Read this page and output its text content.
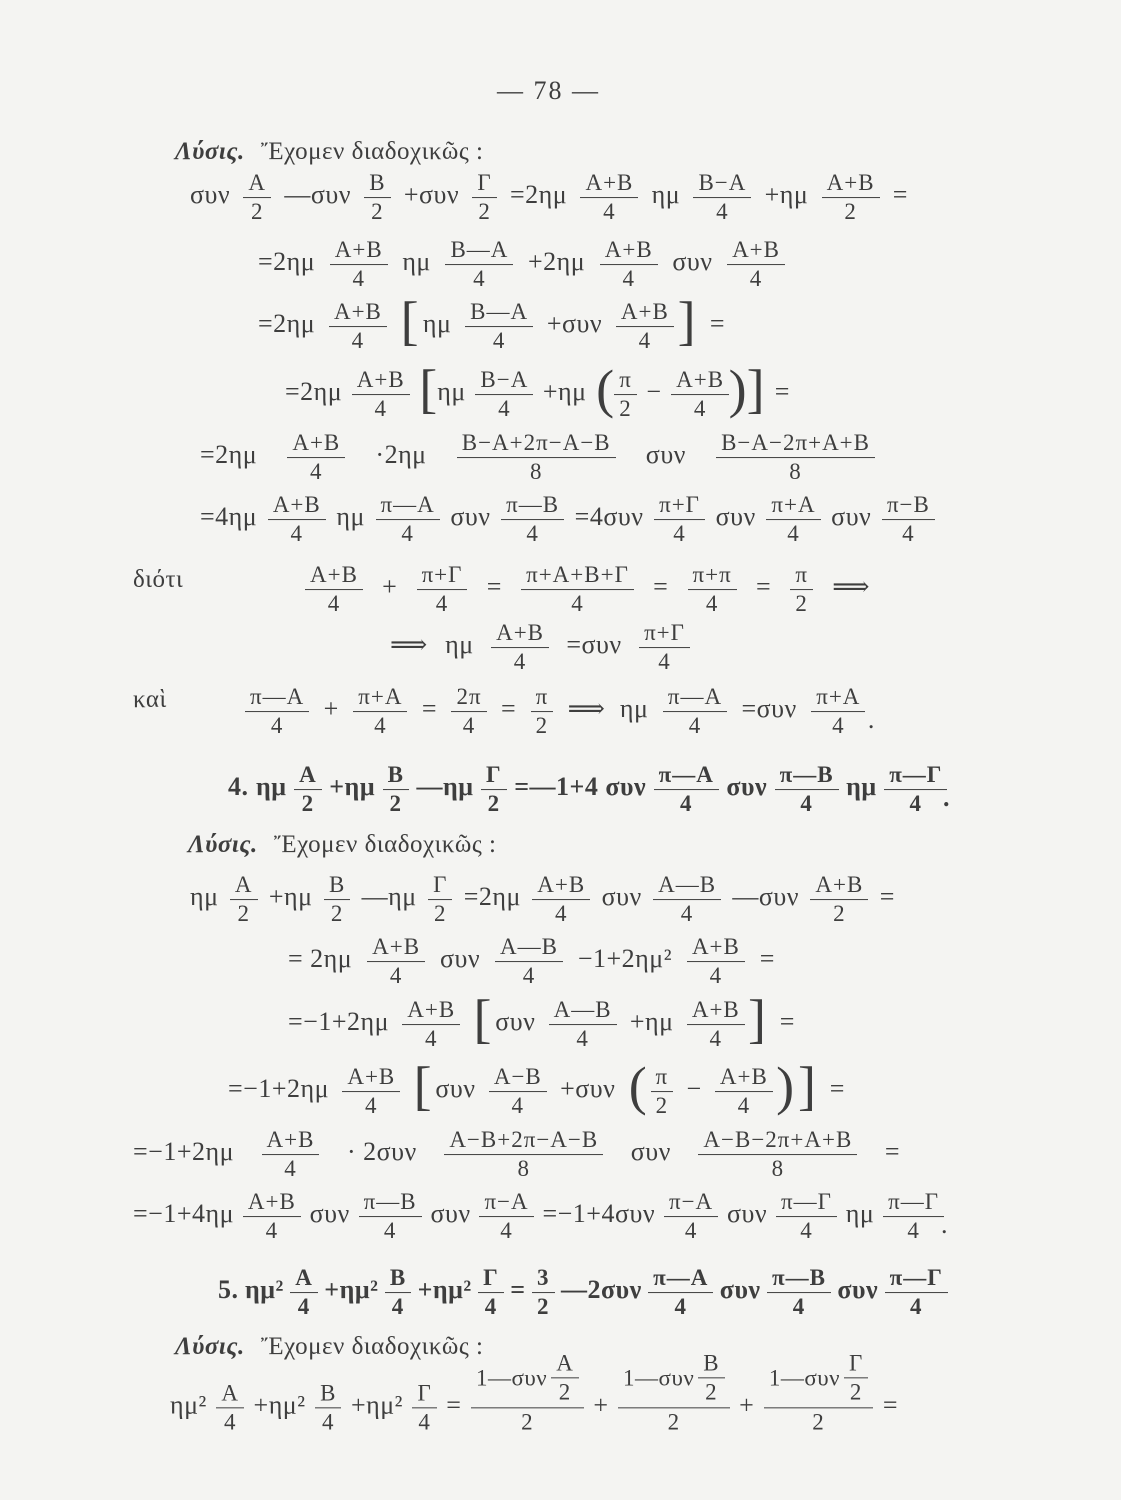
— 78 —
Λύσις. Ἔχομεν διαδοχικῶς :
συν $\frac{A}{2}$ —συν $\frac{B}{2} +\sigma\upsilon\nu \frac{\Gamma}{2} =2\eta\mu \frac{A+B}{4}$ ημ $\frac{B-A}{4} +\eta\mu \frac{A+B}{2}$ =
$=2\eta\mu \frac{A+B}{4}$ ημ $\frac{B—A}{4} +2\eta\mu \frac{A+B}{4}$ συν $\frac{A+B}{4}$
$=2\eta\mu \frac{A+B}{4}$ [ ημ $\frac{B—A}{4} +\sigma\upsilon\nu \frac{A+B}{4}$ ] =
$=2\eta\mu \frac{A+B}{4}$ [ ημ $\frac{B-A}{4} +\eta\mu$ ( $\frac{\pi}{2} - \frac{A+B}{4}$ ) ] =
$=2\eta\mu \frac{A+B}{4} \cdot 2\eta\mu \frac{B-A+2\pi-A-B}{8}$ συν $\frac{B-A-2\pi+A+B}{8}$
$=4\eta\mu \frac{A+B}{4}$ ημ $\frac{\pi—A}{4}$ συν $\frac{\pi—B}{4} =4\sigma\upsilon\nu \frac{\pi+\Gamma}{4}$ συν $\frac{\pi+A}{4}$ συν $\frac{\pi-B}{4}$
διότι	$\frac{A+B}{4} + \frac{\pi+\Gamma}{4} = \frac{\pi+A+B+\Gamma}{4} = \frac{\pi+\pi}{4} = \frac{\pi}{2}$ ⟹
⟹ ημ $\frac{A+B}{4} =\sigma\upsilon\nu \frac{\pi+\Gamma}{4}$
καὶ	$\frac{\pi—A}{4} + \frac{\pi+A}{4} = \frac{2\pi}{4} = \frac{\pi}{2}$ ⟹ ημ $\frac{\pi—A}{4} =\sigma\upsilon\nu \frac{\pi+A}{4}$ .
4. ημ $\frac{A}{2} +\eta\mu \frac{B}{2}$ —ημ $\frac{\Gamma}{2}$ =—1+4 συν $\frac{\pi—A}{4}$ συν $\frac{\pi—B}{4}$ ημ $\frac{\pi—\Gamma}{4}$
.
Λύσις. Ἔχομεν διαδοχικῶς :
ημ $\frac{A}{2} +\eta\mu \frac{B}{2}$ —ημ $\frac{\Gamma}{2} =2\eta\mu \frac{A+B}{4}$ συν $\frac{A—B}{4}$ —συν $\frac{A+B}{2}$ =
= $2\eta\mu \frac{A+B}{4}$ συν $\frac{A—B}{4} -1+2\eta\mu^2 \frac{A+B}{4}$ =
$=-1+2\eta\mu \frac{A+B}{4}$ [ συν $\frac{A—B}{4} +\eta\mu \frac{A+B}{4}$ ] =
$=-1+2\eta\mu \frac{A+B}{4}$ [ συν $\frac{A-B}{4} +\sigma\upsilon\nu$ ( $\frac{\pi}{2} - \frac{A+B}{4}$ ) ] =
$=-1+2\eta\mu \frac{A+B}{4} \cdot 2\sigma\upsilon\nu \frac{A-B+2\pi-A-B}{8}$ συν $\frac{A-B-2\pi+A+B}{8}$ =
$=-1+4\eta\mu \frac{A+B}{4}$ συν $\frac{\pi—B}{4}$ συν $\frac{\pi-A}{4} =-1+4\sigma\upsilon\nu \frac{\pi-A}{4}$ συν $\frac{\pi—\Gamma}{4}$ ημ $\frac{\pi—\Gamma}{4}$
.
5. $\eta\mu^2 \frac{A}{4} +\eta\mu^2 \frac{B}{4} +\eta\mu^2 \frac{\Gamma}{4} = \frac{3}{2}$ —2συν $\frac{\pi—A}{4}$ συν $\frac{\pi—B}{4}$ συν $\frac{\pi—\Gamma}{4}$
Λύσις. Ἔχομεν διαδοχικῶς :
$\eta\mu^2 \frac{A}{4} +\eta\mu^2 \frac{B}{4} +\eta\mu^2 \frac{\Gamma}{4} = \frac{1—\sigma\upsilon\nu \frac{A}{2}}{2} + \frac{1—\sigma\upsilon\nu \frac{B}{2}}{2} + \frac{1—\sigma\upsilon\nu \frac{\Gamma}{2}}{2}$ =
